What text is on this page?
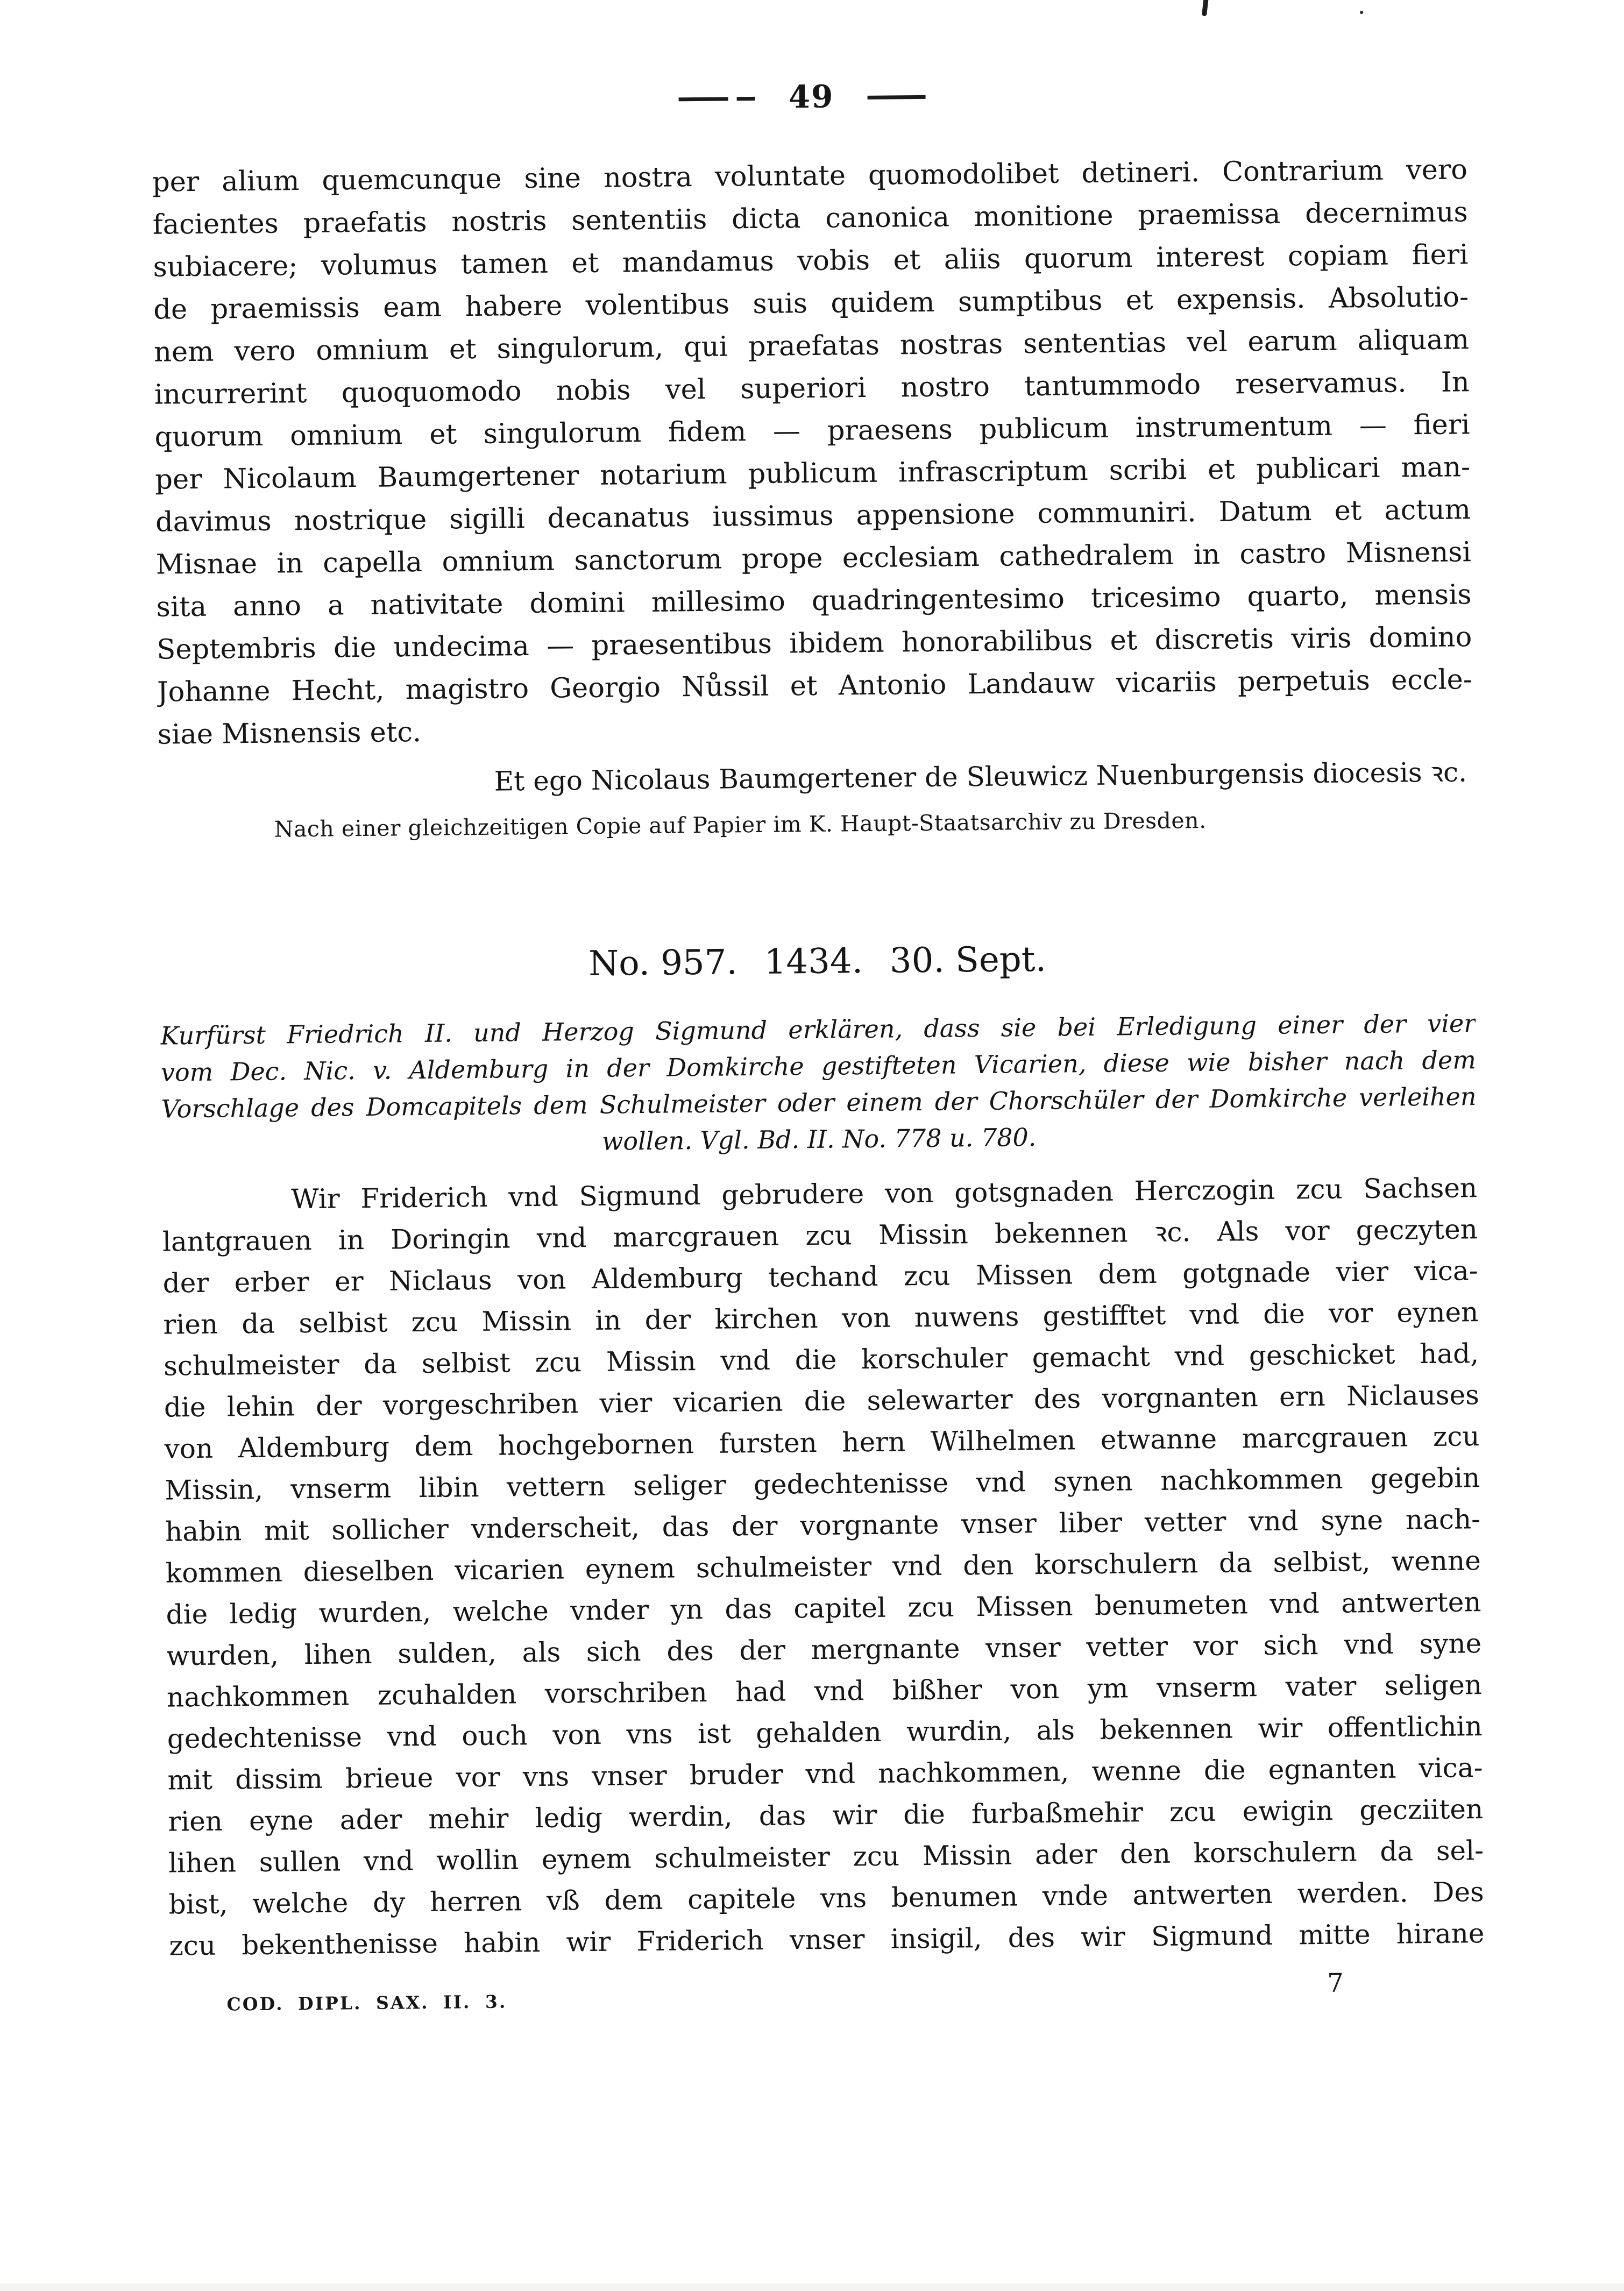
49
per alium quemcunque sine nostra voluntate quomodolibet detineri. Contrarium vero
facientes praefatis nostris sententiis dicta canonica monitione praemissa decernimus
subiacere; volumus tamen et mandamus vobis et aliis quorum interest copiam fieri
de praemissis eam habere volentibus suis quidem sumptibus et expensis. Absolutio-
nem vero omnium et singulorum, qui praefatas nostras sententias vel earum aliquam
incurrerint quoquomodo nobis vel superiori nostro tantummodo reservamus. In
quorum omnium et singulorum fidem — praesens publicum instrumentum — fieri
per Nicolaum Baumgertener notarium publicum infrascriptum scribi et publicari man-
davimus nostrique sigilli decanatus iussimus appensione communiri. Datum et actum
Misnae in capella omnium sanctorum prope ecclesiam cathedralem in castro Misnensi
sita anno a nativitate domini millesimo quadringentesimo tricesimo quarto, mensis
Septembris die undecima — praesentibus ibidem honorabilibus et discretis viris domino
Johanne Hecht, magistro Georgio Nůssil et Antonio Landauw vicariis perpetuis eccle-
siae Misnensis etc.
Et ego Nicolaus Baumgertener de Sleuwicz Nuenburgensis diocesis ꝛc.
Nach einer gleichzeitigen Copie auf Papier im K. Haupt-Staatsarchiv zu Dresden.
No. 957. 1434. 30. Sept.
Kurfürst Friedrich II. und Herzog Sigmund erklären, dass sie bei Erledigung einer der vier
vom Dec. Nic. v. Aldemburg in der Domkirche gestifteten Vicarien, diese wie bisher nach dem
Vorschlage des Domcapitels dem Schulmeister oder einem der Chorschüler der Domkirche verleihen
wollen. Vgl. Bd. II. No. 778 u. 780.
Wir Friderich vnd Sigmund gebrudere von gotsgnaden Herczogin zcu Sachsen
lantgrauen in Doringin vnd marcgrauen zcu Missin bekennen ꝛc. Als vor geczyten
der erber er Niclaus von Aldemburg techand zcu Missen dem gotgnade vier vica-
rien da selbist zcu Missin in der kirchen von nuwens gestifftet vnd die vor eynen
schulmeister da selbist zcu Missin vnd die korschuler gemacht vnd geschicket had,
die lehin der vorgeschriben vier vicarien die selewarter des vorgnanten ern Niclauses
von Aldemburg dem hochgebornen fursten hern Wilhelmen etwanne marcgrauen zcu
Missin, vnserm libin vettern seliger gedechtenisse vnd synen nachkommen gegebin
habin mit sollicher vnderscheit, das der vorgnante vnser liber vetter vnd syne nach-
kommen dieselben vicarien eynem schulmeister vnd den korschulern da selbist, wenne
die ledig wurden, welche vnder yn das capitel zcu Missen benumeten vnd antwerten
wurden, lihen sulden, als sich des der mergnante vnser vetter vor sich vnd syne
nachkommen zcuhalden vorschriben had vnd bißher von ym vnserm vater seligen
gedechtenisse vnd ouch von vns ist gehalden wurdin, als bekennen wir offentlichin
mit dissim brieue vor vns vnser bruder vnd nachkommen, wenne die egnanten vica-
rien eyne ader mehir ledig werdin, das wir die furbaßmehir zcu ewigin gecziiten
lihen sullen vnd wollin eynem schulmeister zcu Missin ader den korschulern da sel-
bist, welche dy herren vß dem capitele vns benumen vnde antwerten werden. Des
zcu bekenthenisse habin wir Friderich vnser insigil, des wir Sigmund mitte hirane
COD. DIPL. SAX. II. 3.
7
